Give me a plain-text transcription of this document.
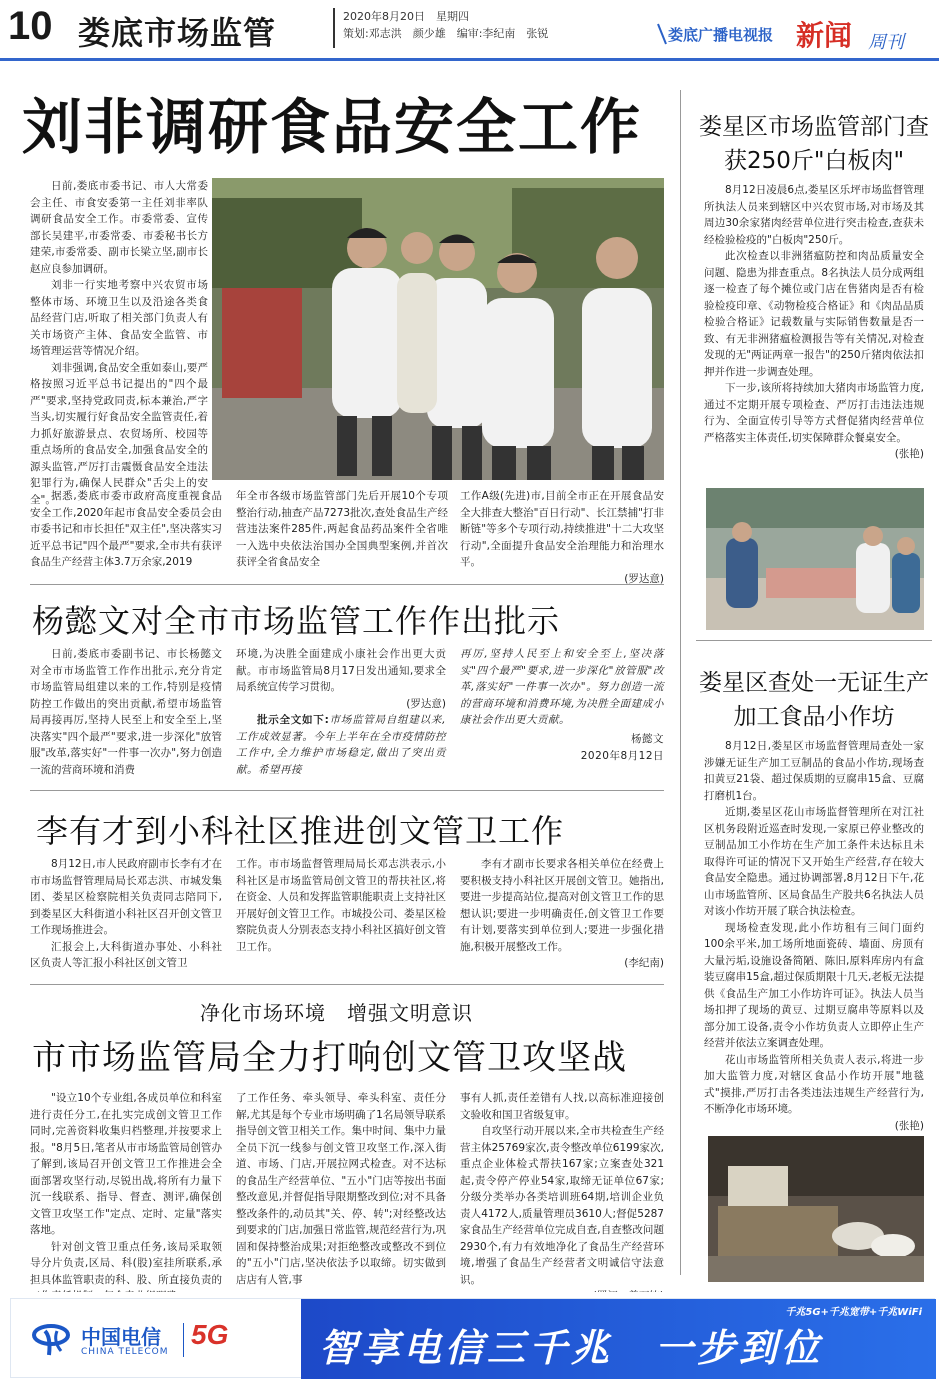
10 娄底市场监管	2020年8月20日　星期四
策划:邓志洪　颜少雄　编审:李纪南　张锐	娄底广播电视报 新闻 周刊
刘非调研食品安全工作

日前,娄底市委书记、市人大常委会主任、市食安委第一主任刘非率队调研食品安全工作。市委常委、宣传部长吴建平,市委常委、市委秘书长方建荣,市委常委、副市长梁立坚,副市长赵应良参加调研。

刘非一行实地考察中兴农贸市场整体市场、环境卫生以及沿途各类食品经营门店,听取了相关部门负责人有关市场资产主体、食品安全监管、市场管理运营等情况介绍。

刘非强调,食品安全重如泰山,要严格按照习近平总书记提出的"四个最严"要求,坚持党政同责,标本兼治,严字当头,切实履行好食品安全监管责任,着力抓好旅游景点、农贸场所、校园等重点场所的食品安全,加强食品安全的源头监管,严厉打击震慑食品安全违法犯罪行为,确保人民群众"舌尖上的安全"。

据悉,娄底市委市政府高度重视食品安全工作,2020年起市食品安全委员会由市委书记和市长担任"双主任",坚决落实习近平总书记"四个最严"要求,全市共有获评食品生产经营主体3.7万余家,2019

年全市各级市场监管部门先后开展10个专项整治行动,抽查产品7273批次,查处食品生产经营违法案件285件,两起食品药品案件全省唯一入选中央依法治国办全国典型案例,并首次获评全省食品安全
工作A级(先进)市,目前全市正在开展食品安全大排查大整治"百日行动"、长江禁捕"打非断链"等多个专项行动,持续推进"十二大攻坚行动",全面提升食品安全治理能力和治理水平。
(罗达意)
娄星区市场监管部门查获250斤"白板肉"

8月12日凌晨6点,娄星区乐坪市场监督管理所执法人员来到辖区中兴农贸市场,对市场及其周边30余家猪肉经营单位进行突击检查,查获未经检验检疫的"白板肉"250斤。

此次检查以非洲猪瘟防控和肉品质量安全问题、隐患为排查重点。8名执法人员分成两组逐一检查了每个摊位或门店在售猪肉是否有检验检疫印章、《动物检疫合格证》和《肉品品质检验合格证》记载数量与实际销售数量是否一致、有无非洲猪瘟检测报告等有关情况,对检查发现的无"两证两章一报告"的250斤猪肉依法扣押并作进一步调查处理。

下一步,该所将持续加大猪肉市场监管力度,通过不定期开展专项检查、严厉打击违法违规行为、全面宣传引导等方式督促猪肉经营单位严格落实主体责任,切实保障群众餐桌安全。

(张艳)
杨懿文对全市市场监管工作作出批示

日前,娄底市委副书记、市长杨懿文对全市市场监管工作作出批示,充分肯定市场监管局组建以来的工作,特别是疫情防控工作做出的突出贡献,希望市场监管局再接再厉,坚持人民至上和安全至上,坚决落实"四个最严"要求,进一步深化"放管服"改革,落实好"一件事一次办",努力创造一流的营商环境和消费

环境,为决胜全面建成小康社会作出更大贡献。市市场监管局8月17日发出通知,要求全局系统宣传学习贯彻。
(罗达意)

批示全文如下:市场监管局自组建以来,工作成效显著。今年上半年在全市疫情防控工作中,全力维护市场稳定,做出了突出贡献。希望再接

再厉,坚持人民至上和安全至上,坚决落实"四个最严"要求,进一步深化"放管服"改革,落实好"一件事一次办"。努力创造一流的营商环境和消费环境,为决胜全面建成小康社会作出更大贡献。
杨懿文
2020年8月12日
娄星区查处一无证生产加工食品小作坊

8月12日,娄星区市场监督管理局查处一家涉嫌无证生产加工豆制品的食品小作坊,现场查扣黄豆21袋、超过保质期的豆腐串15盒、豆腐打磨机1台。

近期,娄星区花山市场监督管理所在对江社区机务段附近巡查时发现,一家原已停业整改的豆制品加工小作坊在生产加工条件未达标且未取得许可证的情况下又开始生产经营,存在较大食品安全隐患。通过协调部署,8月12日下午,花山市场监管所、区局食品生产股共6名执法人员对该小作坊开展了联合执法检查。

现场检查发现,此小作坊租有三间门面约100余平米,加工场所地面瓷砖、墙面、房顶有大量污垢,设施设备简陋、陈旧,原料库房内有盒装豆腐串15盒,超过保质期限十几天,老板无法提供《食品生产加工小作坊许可证》。执法人员当场扣押了现场的黄豆、过期豆腐串等原料以及部分加工设备,责令小作坊负责人立即停止生产经营并依法立案调查处理。

花山市场监管所相关负责人表示,将进一步加大监管力度,对辖区食品小作坊开展"地毯式"摸排,严厉打击各类违法违规生产经营行为,不断净化市场环境。

(张艳)
李有才到小科社区推进创文管卫工作

8月12日,市人民政府副市长李有才在市市场监督管理局局长邓志洪、市城发集团、娄星区检察院相关负责同志陪同下,到娄星区大科街道小科社区召开创文管卫工作现场推进会。

汇报会上,大科街道办事处、小科社区负责人等汇报小科社区创文管卫

工作。市市场监督管理局局长邓志洪表示,小科社区是市场监管局创文管卫的帮扶社区,将在资金、人员和发挥监管职能职责上支持社区开展好创文管卫工作。市城投公司、娄星区检察院负责人分别表态支持小科社区搞好创文管卫工作。

李有才副市长要求各相关单位在经费上要积极支持小科社区开展创文管卫。她指出,要进一步提高站位,提高对创文管卫工作的思想认识;要进一步明确责任,创文管卫工作要有计划,要落实到单位到人;要进一步强化措施,积极开展整改工作。

(李纪南)
净化市场环境　增强文明意识
市市场监管局全力打响创文管卫攻坚战

"设立10个专业组,各成员单位和科室进行责任分工,在扎实完成创文管卫工作同时,完善资料收集归档整理,并按要求上报。"8月5日,笔者从市市场监管局创管办了解到,该局召开创文管卫工作推进会全面部署攻坚行动,尽锐出战,将所有力量下沉一线联系、指导、督查、测评,确保创文管卫攻坚工作"定点、定时、定量"落实落地。

针对创文管卫重点任务,该局采取领导分片负责,区局、科(股)室挂所联系,承担具体监管职责的科、股、所直接负责的

了工作任务、牵头领导、牵头科室、责任分解,尤其是每个专业市场明确了1名局领导联系指导创文管卫相关工作。集中时间、集中力量全员下沉一线参与创文管卫攻坚工作,深入街道、市场、门店,开展拉网式检查。对不达标的食品生产经营单位、"五小"门店等按出书面整改意见,并督促指导限期整改到位;对不具备整改条件的,动员其"关、停、转";对经整改达到要求的门店,加强日常监管,规范经营行为,巩固和保持整治成果;对拒绝整改或整改不到位的"五小"门店,坚决依法予以取缔。切实做到店店有人管,事
事有人抓,责任差错有人找,以高标准迎接创文验收和国卫省级复审。

自攻坚行动开展以来,全市共检查生产经营主体25769家次,责令整改单位6199家次,重点企业体检式帮扶167家;立案查处321起,责令停产停业54家,取缔无证单位67家;分级分类举办各类培训班64期,培训企业负责人4172人,质量管理员3610人;督促5287家食品生产经营单位完成自查,自查整改问题2930个,有力有效地净化了食品生产经营环境,增强了食品生产经营者文明诚信守法意识。

中国电信
CHINA TELECOM
5G
千兆5G+千兆宽带+千兆WiFi
智享电信三千兆　一步到位
